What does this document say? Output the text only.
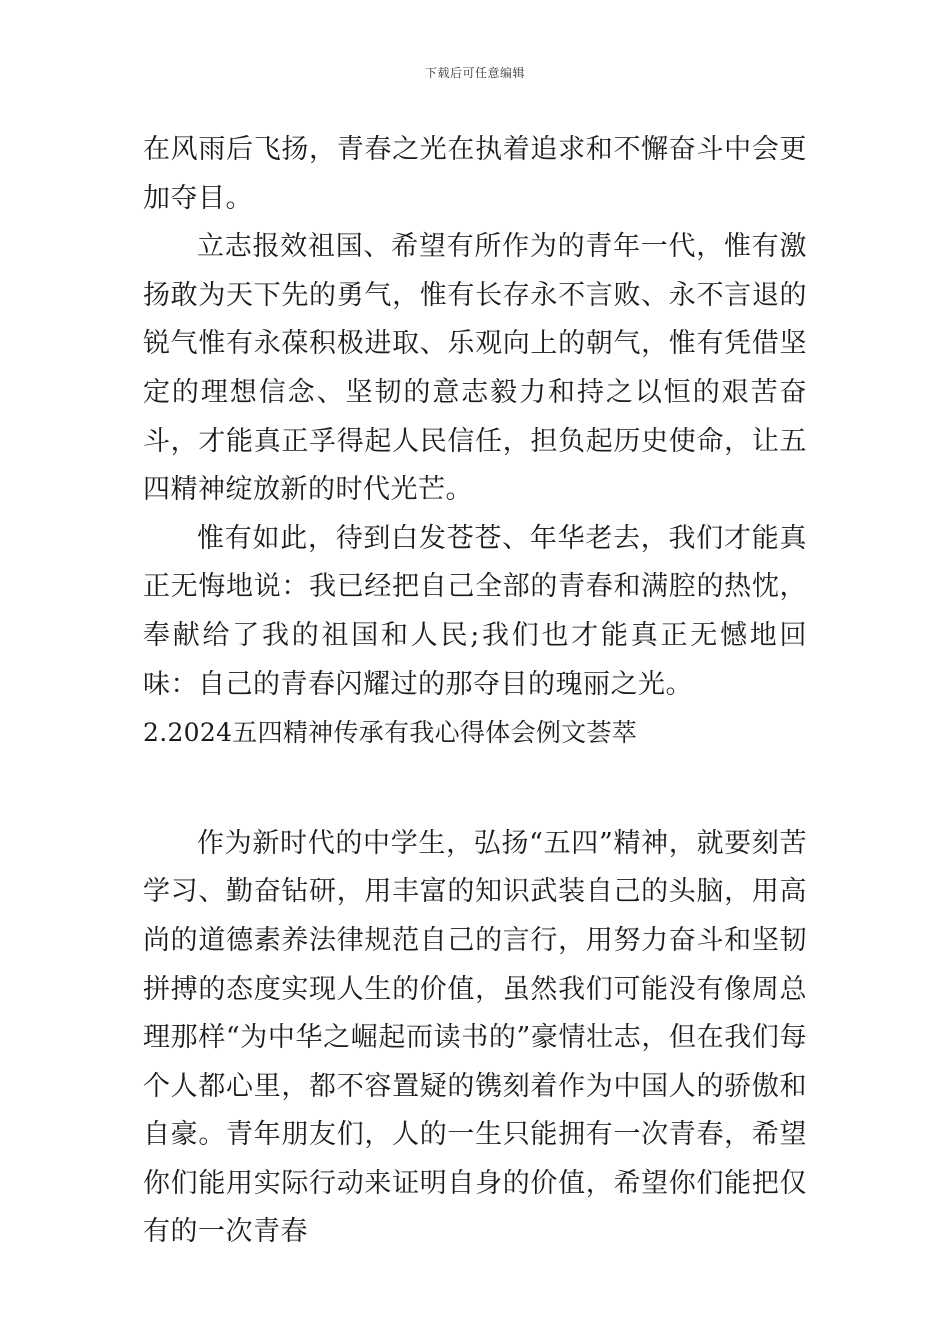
下载后可任意编辑

在风雨后飞扬，青春之光在执着追求和不懈奋斗中会更加夺目。

立志报效祖国、希望有所作为的青年一代，惟有激扬敢为天下先的勇气，惟有长存永不言败、永不言退的锐气惟有永葆积极进取、乐观向上的朝气，惟有凭借坚定的理想信念、坚韧的意志毅力和持之以恒的艰苦奋斗，才能真正孚得起人民信任，担负起历史使命，让五四精神绽放新的时代光芒。

惟有如此，待到白发苍苍、年华老去，我们才能真正无悔地说：我已经把自己全部的青春和满腔的热忱，奉献给了我的祖国和人民;我们也才能真正无憾地回味：自己的青春闪耀过的那夺目的瑰丽之光。

2.2024五四精神传承有我心得体会例文荟萃

作为新时代的中学生，弘扬“五四”精神，就要刻苦学习、勤奋钻研，用丰富的知识武装自己的头脑，用高尚的道德素养法律规范自己的言行，用努力奋斗和坚韧拼搏的态度实现人生的价值，虽然我们可能没有像周总理那样“为中华之崛起而读书的”豪情壮志，但在我们每个人都心里，都不容置疑的镌刻着作为中国人的骄傲和自豪。青年朋友们，人的一生只能拥有一次青春，希望你们能用实际行动来证明自身的价值，希望你们能把仅有的一次青春
